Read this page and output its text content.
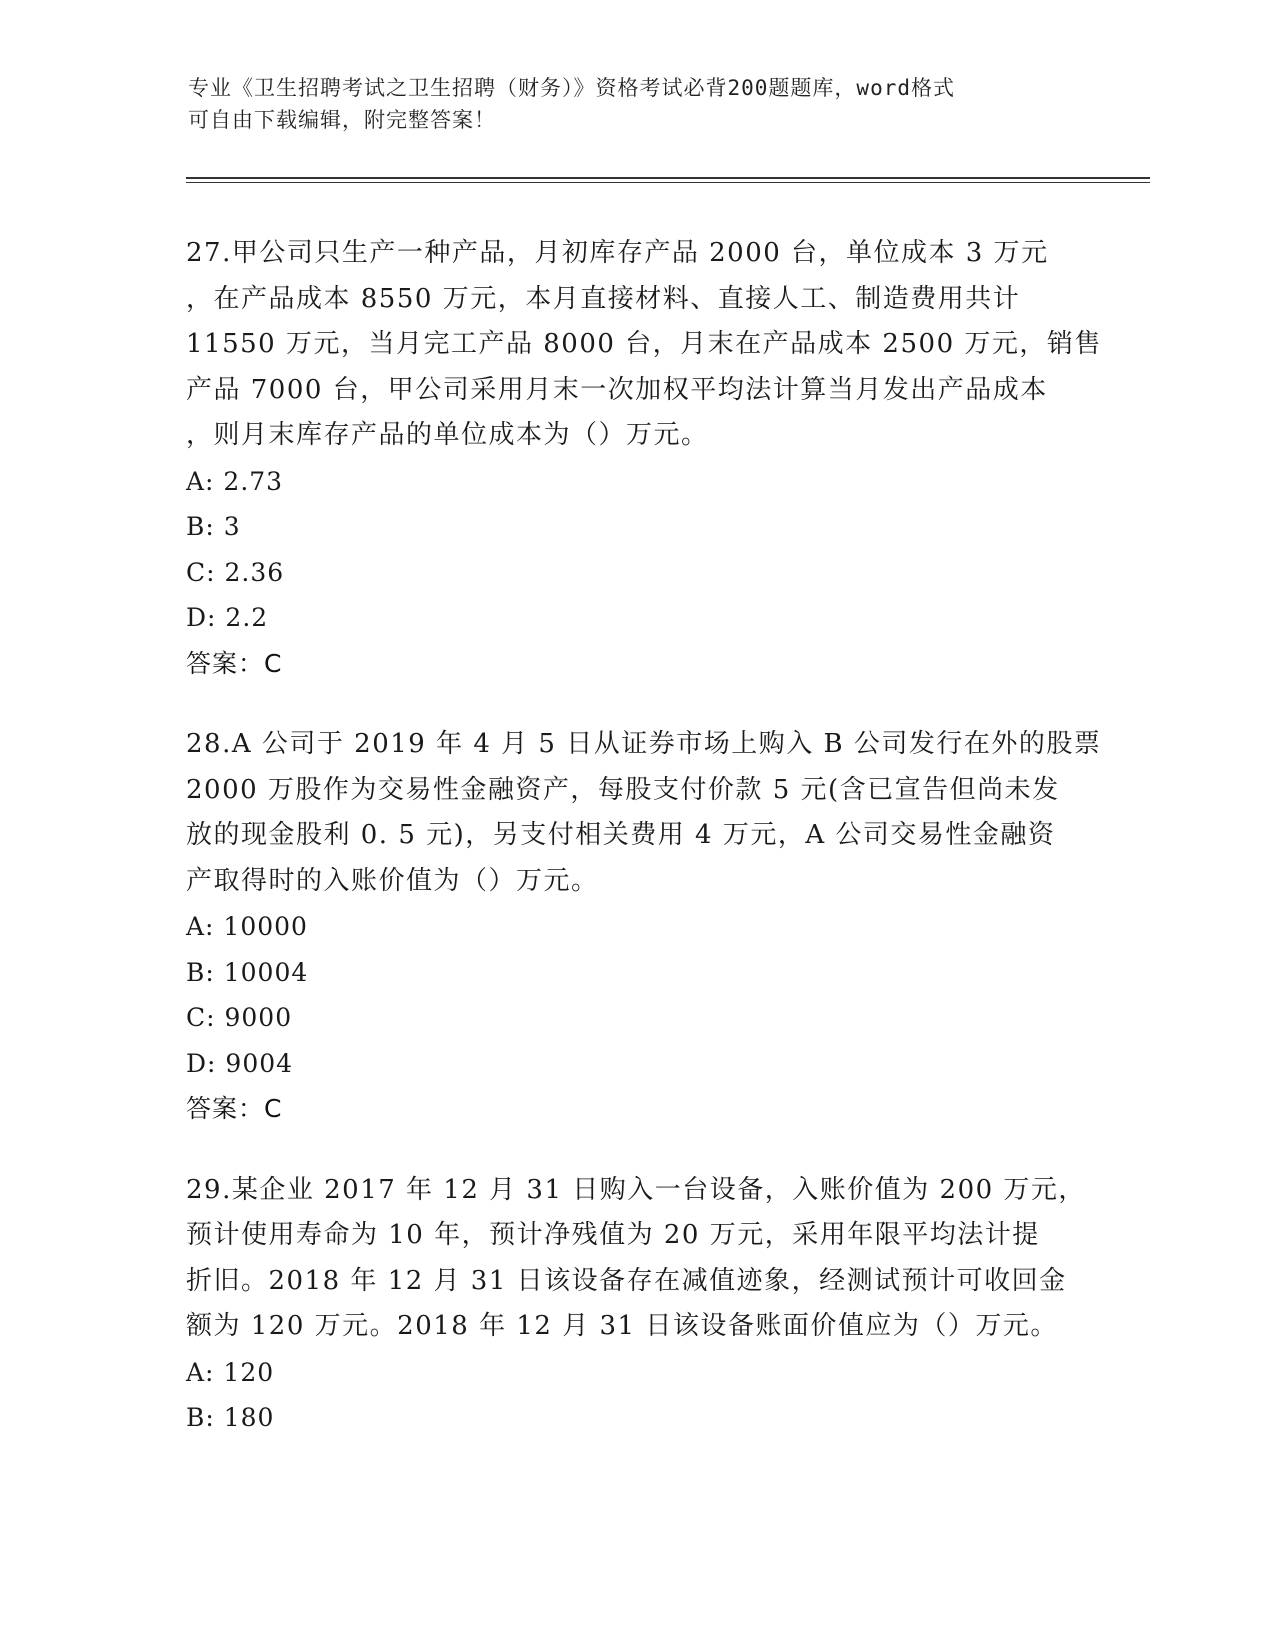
专业《卫生招聘考试之卫生招聘（财务）》资格考试必背200题题库，word格式
可自由下载编辑，附完整答案！
27.甲公司只生产一种产品，月初库存产品 2000 台，单位成本 3 万元
，在产品成本 8550 万元，本月直接材料、直接人工、制造费用共计
11550 万元，当月完工产品 8000 台，月末在产品成本 2500 万元，销售
产品 7000 台，甲公司采用月末一次加权平均法计算当月发出产品成本
，则月末库存产品的单位成本为（）万元。
A: 2.73
B: 3
C: 2.36
D: 2.2
答案：C
28.A 公司于 2019 年 4 月 5 日从证券市场上购入 B 公司发行在外的股票
2000 万股作为交易性金融资产，每股支付价款 5 元(含已宣告但尚未发
放的现金股利 0. 5 元)，另支付相关费用 4 万元，A 公司交易性金融资
产取得时的入账价值为（）万元。
A: 10000
B: 10004
C: 9000
D: 9004
答案：C
29.某企业 2017 年 12 月 31 日购入一台设备，入账价值为 200 万元，
预计使用寿命为 10 年，预计净残值为 20 万元，采用年限平均法计提
折旧。2018 年 12 月 31 日该设备存在减值迹象，经测试预计可收回金
额为 120 万元。2018 年 12 月 31 日该设备账面价值应为（）万元。
A: 120
B: 180
